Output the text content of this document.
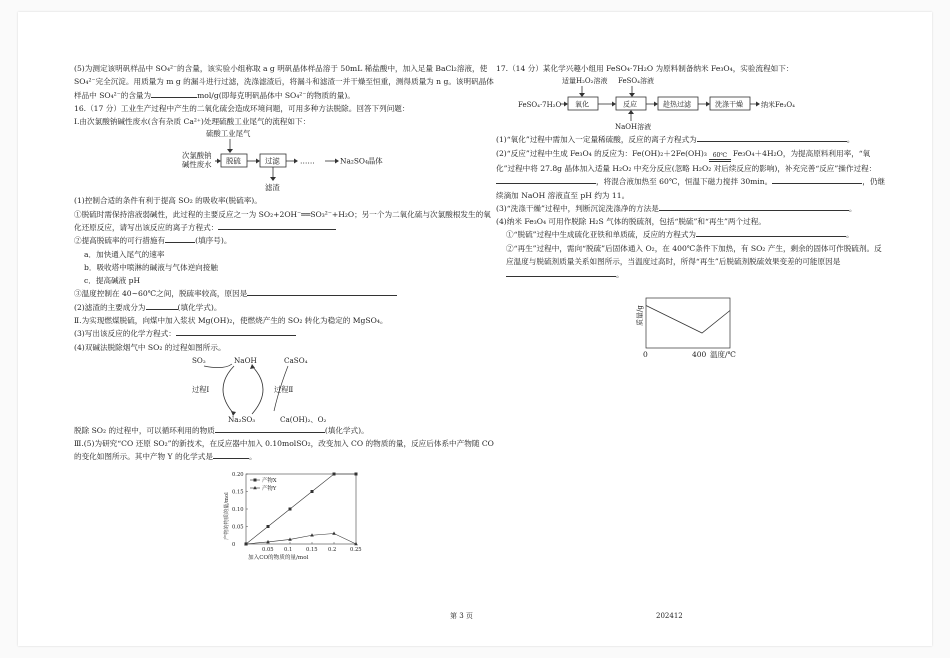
(5)为测定该明矾样品中 SO₄²⁻的含量，该实验小组称取 a g 明矾晶体样品溶于 50mL 稀盐酸中，加入足量 BaCl₂溶液，使 SO₄²⁻完全沉淀。用质量为 m g 的漏斗进行过滤，洗涤滤渣后，将漏斗和滤渣一并干燥至恒重，测得质量为 n g。该明矾晶体样品中 SO₄²⁻的含量为	mol/g(即每克明矾晶体中 SO₄²⁻的物质的量)。

16.（17 分）工业生产过程中产生的二氧化硫会造成环境问题，可用多种方法脱除。回答下列问题：

Ⅰ.由次氯酸钠碱性废水(含有杂质 Ca²⁺)处理硫酸工业尾气的流程如下：

硫酸工业尾气
次氯酸钠
碱性废水 脱硫	过滤	……	Na₂SO₄晶体
滤渣

(1)控制合适的条件有利于提高 SO₂ 的吸收率(脱硫率)。

①脱硫时需保持溶液弱碱性，此过程的主要反应之一为 SO₂+2OH⁻══SO₃²⁻+H₂O；另一个为二氧化硫与次氯酸根发生的氧化还原反应，请写出该反应的离子方程式：

②提高脱硫率的可行措施有	(填序号)。

a．加快通入尾气的速率

b．吸收塔中喷淋的碱液与气体逆向接触

c．提高碱液 pH

③温度控制在 40~60℃之间，脱硫率较高，原因是

(2)滤渣的主要成分为	(填化学式)。

Ⅱ.为实现燃煤脱硫，向煤中加入浆状 Mg(OH)₂，使燃烧产生的 SO₂ 转化为稳定的 MgSO₄。

(3)写出该反应的化学方程式：

(4)双碱法脱除烟气中 SO₂ 的过程如图所示。

SO₂	NaOH	CaSO₄
过程Ⅰ	过程Ⅱ
Na₂SO₃	Ca(OH)₂、O₂

脱除 SO₂ 的过程中，可以循环利用的物质	(填化学式)。

Ⅲ.(5)为研究“CO 还原 SO₂”的新技术，在反应器中加入 0.10molSO₂，改变加入 CO 的物质的量，反应后体系中产物随 CO 的变化如图所示。其中产物 Y 的化学式是	。

0.05 0.1	0.15 0.2	0.25
0
0.05
0.10
0.15
0.20
产物的物质的量/mol
加入CO的物质的量/mol
产物X
产物Y

17.（14 分）某化学兴趣小组用 FeSO₄·7H₂O 为原料制备纳米 Fe₃O₄，实验流程如下：

适量H₂O₂溶液 FeSO₄溶液
FeSO₄·7H₂O 氧化	反应	趁热过滤	洗涤干燥	纳米Fe₃O₄
NaOH溶液

(1)“氧化”过程中需加入一定量稀硫酸，反应的离子方程式为	。

(2)“反应”过程中生成 Fe₃O₄ 的反应为：Fe(OH)₂＋2Fe(OH)₃ 60℃ Fe₃O₄＋4H₂O，为提高原料利用率，“氧化”过程中将 27.8g 晶体加入适量 H₂O₂ 中充分反应(忽略 H₂O₂ 对后续反应的影响)，补充完善“反应”操作过程：，将混合液加热至 60℃，恒温下磁力搅拌 30min。	，仍继续滴加 NaOH 溶液直至 pH 约为 11。

(3)“洗涤干燥”过程中，判断沉淀洗涤净的方法是	。

(4)纳米 Fe₃O₄ 可用作脱除 H₂S 气体的脱硫剂，包括“脱硫”和“再生”两个过程。

①“脱硫”过程中生成硫化亚铁和单质硫，反应的方程式为	。

②“再生”过程中，需向“脱硫”后固体通入 O₂，在 400℃条件下加热，有 SO₂ 产生，剩余的固体可作脱硫剂。反应温度与脱硫剂质量关系如图所示，当温度过高时，所得“再生”后脱硫剂脱硫效果变差的可能原因是。

质量/g
0	400 温度/℃
第 3 页	202412
